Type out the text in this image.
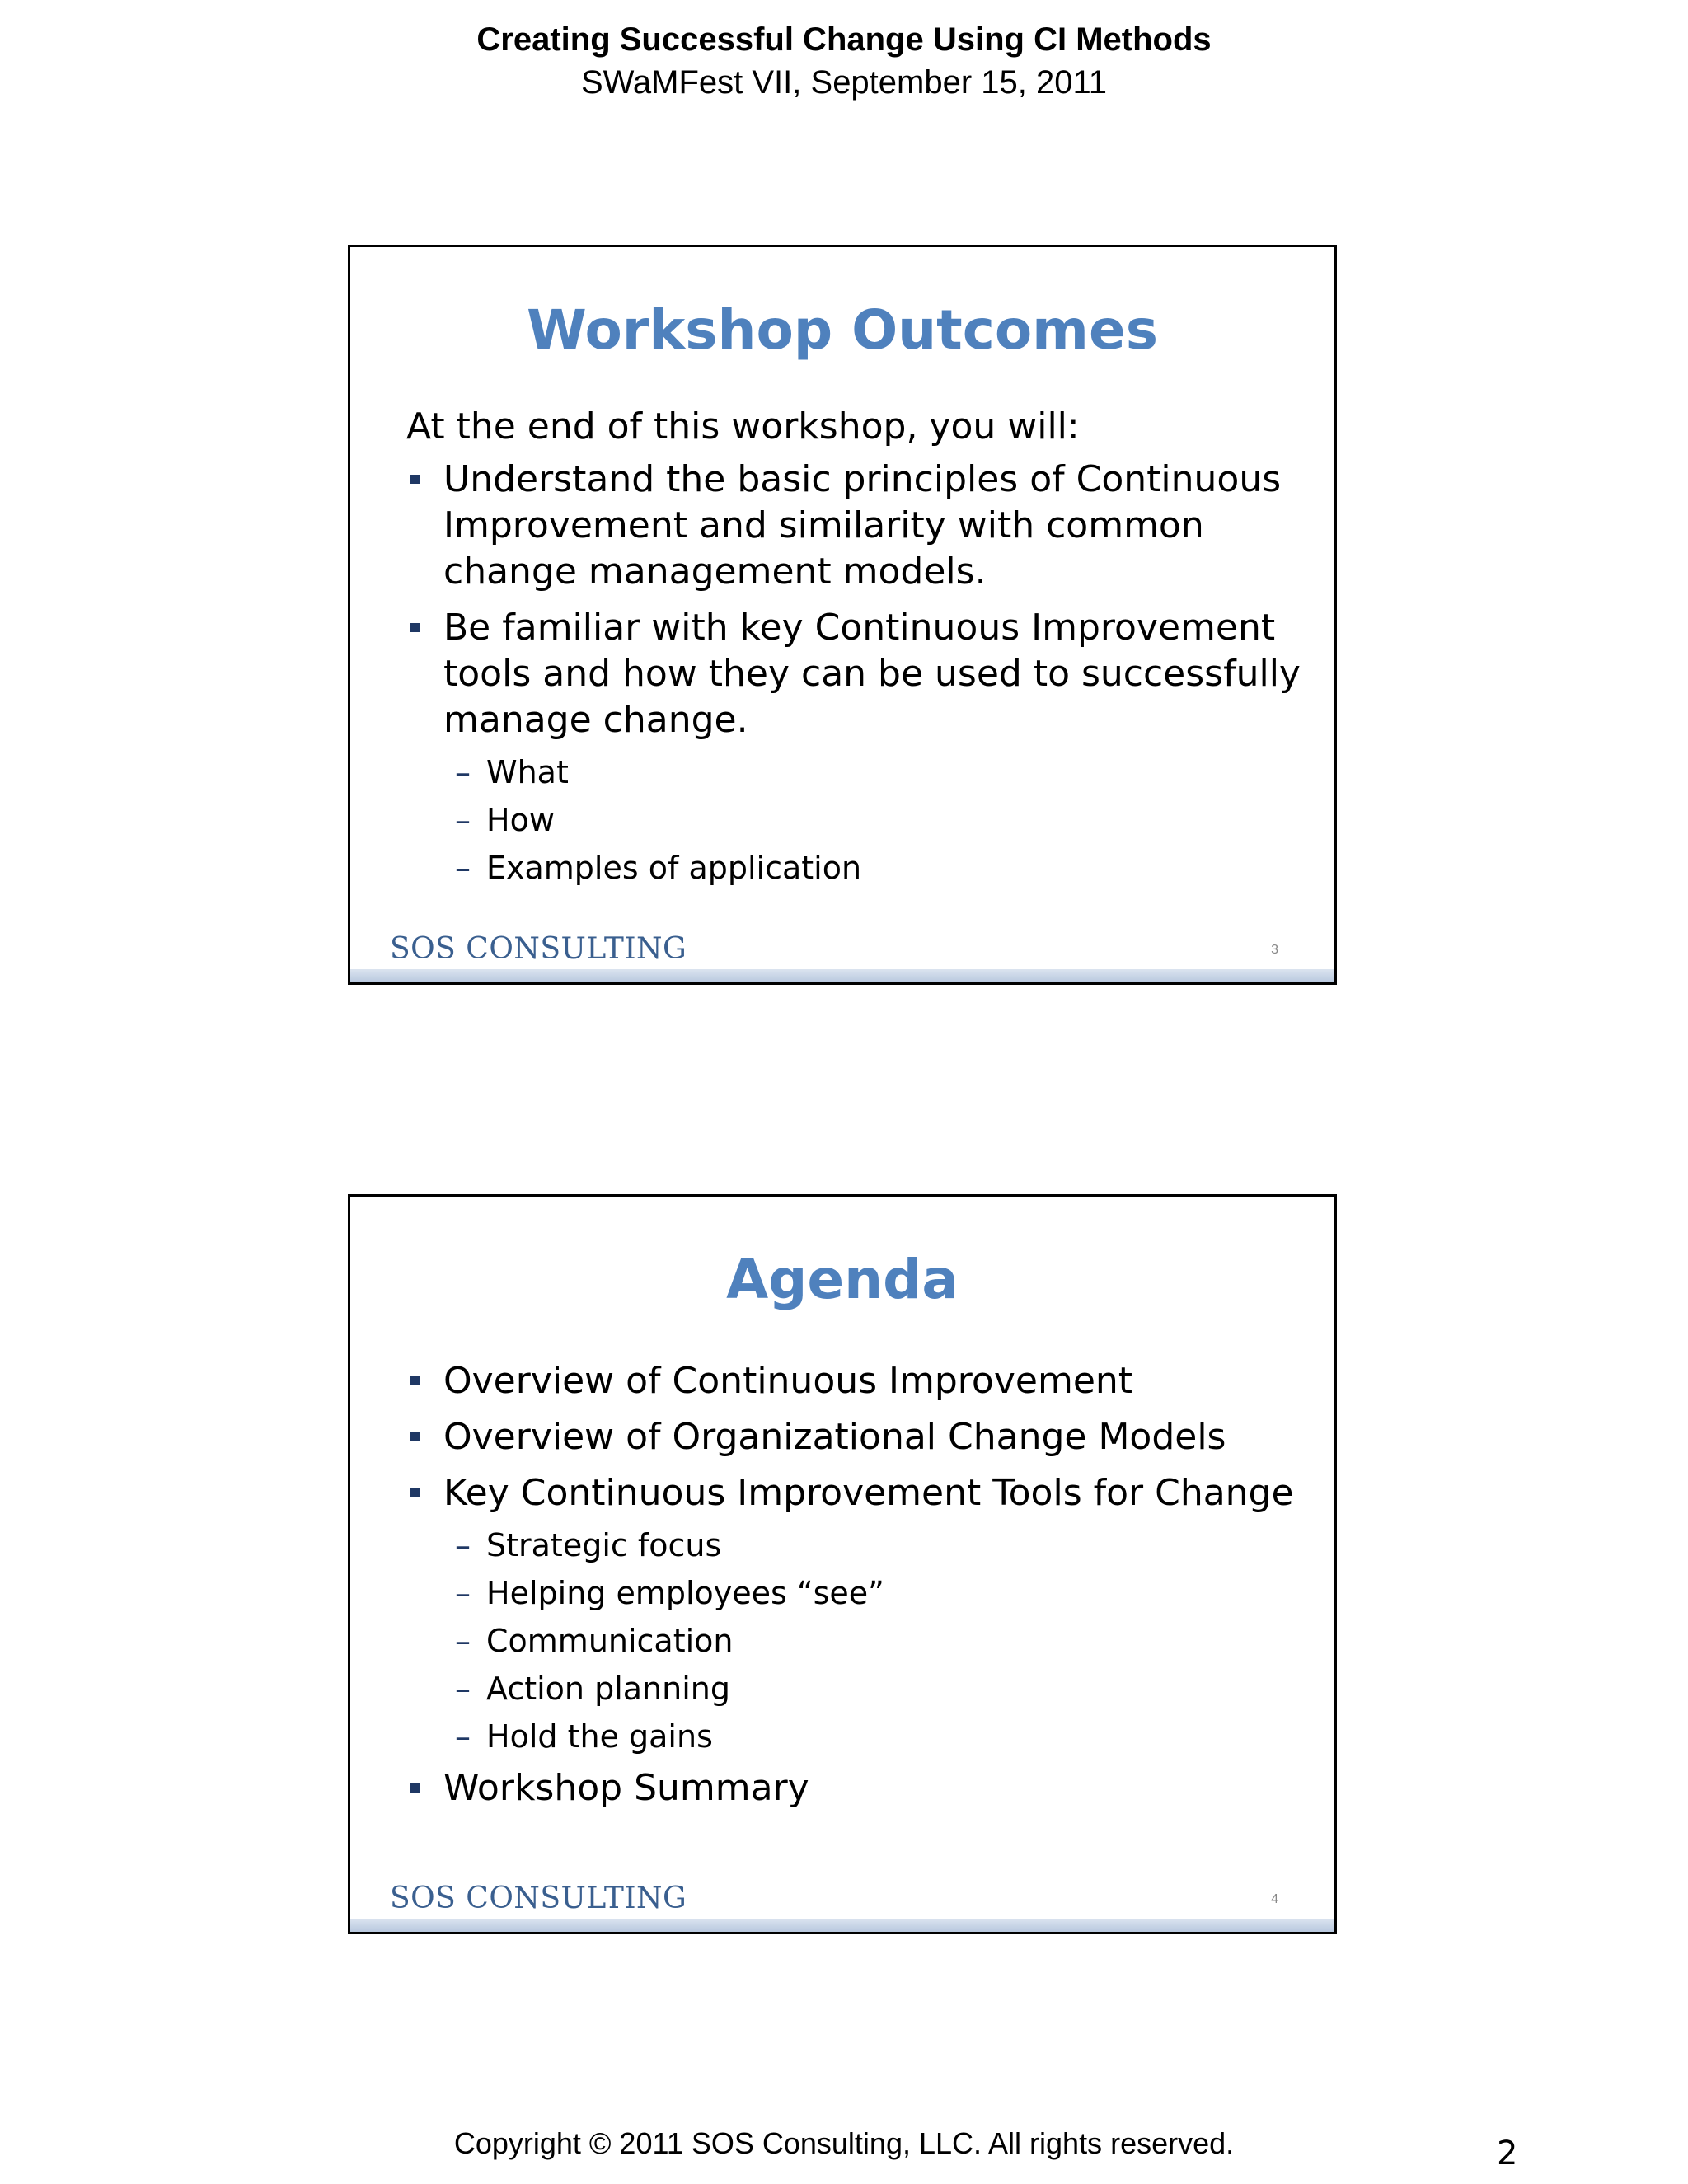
Creating Successful Change Using CI Methods
SWaMFest VII, September 15, 2011
Workshop Outcomes

At the end of this workshop, you will:

Understand the basic principles of Continuous Improvement and similarity with common change management models.
Be familiar with key Continuous Improvement tools and how they can be used to successfully manage change.
– What
– How
– Examples of application
SOS CONSULTING	3
Agenda
Overview of Continuous Improvement
Overview of Organizational Change Models
Key Continuous Improvement Tools for Change
– Strategic focus
– Helping employees “see”
– Communication
– Action planning
– Hold the gains
Workshop Summary
SOS CONSULTING	4
Copyright © 2011 SOS Consulting, LLC. All rights reserved.	2
